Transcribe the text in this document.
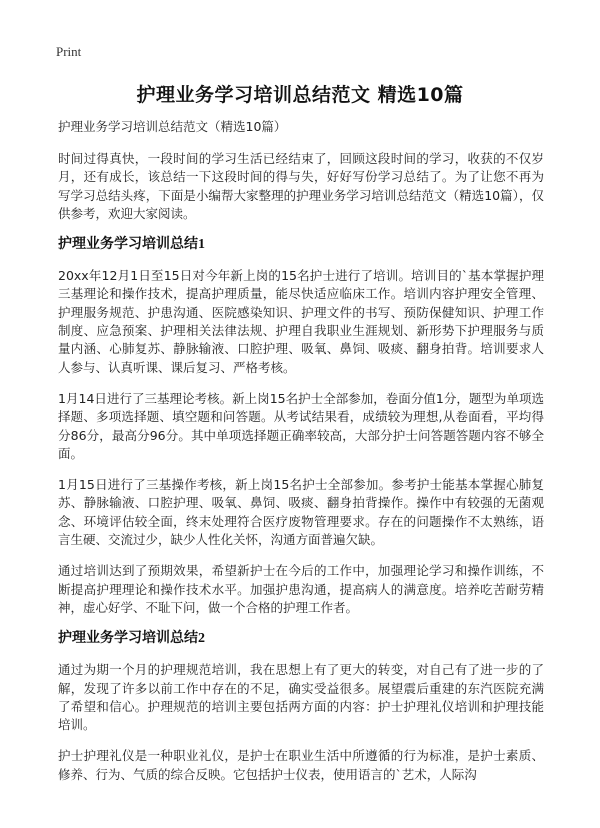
Print
护理业务学习培训总结范文 精选10篇
护理业务学习培训总结范文（精选10篇）

时间过得真快，一段时间的学习生活已经结束了，回顾这段时间的学习，收获的不仅岁月，还有成长，该总结一下这段时间的得与失，好好写份学习总结了。为了让您不再为写学习总结头疼，下面是小编帮大家整理的护理业务学习培训总结范文（精选10篇），仅供参考，欢迎大家阅读。

护理业务学习培训总结1

20xx年12月1日至15日对今年新上岗的15名护士进行了培训。培训目的`基本掌握护理三基理论和操作技术，提高护理质量，能尽快适应临床工作。培训内容护理安全管理、护理服务规范、护患沟通、医院感染知识、护理文件的书写、预防保健知识、护理工作制度、应急预案、护理相关法律法规、护理自我职业生涯规划、新形势下护理服务与质量内涵、心肺复苏、静脉输液、口腔护理、吸氧、鼻饲、吸痰、翻身拍背。培训要求人人参与、认真听课、课后复习、严格考核。

1月14日进行了三基理论考核。新上岗15名护士全部参加，卷面分值1分，题型为单项选择题、多项选择题、填空题和问答题。从考试结果看，成绩较为理想,从卷面看，平均得分86分，最高分96分。其中单项选择题正确率较高，大部分护士问答题答题内容不够全面。

1月15日进行了三基操作考核，新上岗15名护士全部参加。参考护士能基本掌握心肺复苏、静脉输液、口腔护理、吸氧、鼻饲、吸痰、翻身拍背操作。操作中有较强的无菌观念、环境评估较全面，终末处理符合医疗废物管理要求。存在的问题操作不太熟练，语言生硬、交流过少，缺少人性化关怀，沟通方面普遍欠缺。

通过培训达到了预期效果，希望新护士在今后的工作中，加强理论学习和操作训练，不断提高护理理论和操作技术水平。加强护患沟通，提高病人的满意度。培养吃苦耐劳精神，虚心好学、不耻下问，做一个合格的护理工作者。

护理业务学习培训总结2

通过为期一个月的护理规范培训，我在思想上有了更大的转变，对自己有了进一步的了解，发现了许多以前工作中存在的不足，确实受益很多。展望震后重建的东汽医院充满了希望和信心。护理规范的培训主要包括两方面的内容：护士护理礼仪培训和护理技能培训。

护士护理礼仪是一种职业礼仪，是护士在职业生活中所遵循的行为标准，是护士素质、修养、行为、气质的综合反映。它包括护士仪表，使用语言的`艺术，人际沟
